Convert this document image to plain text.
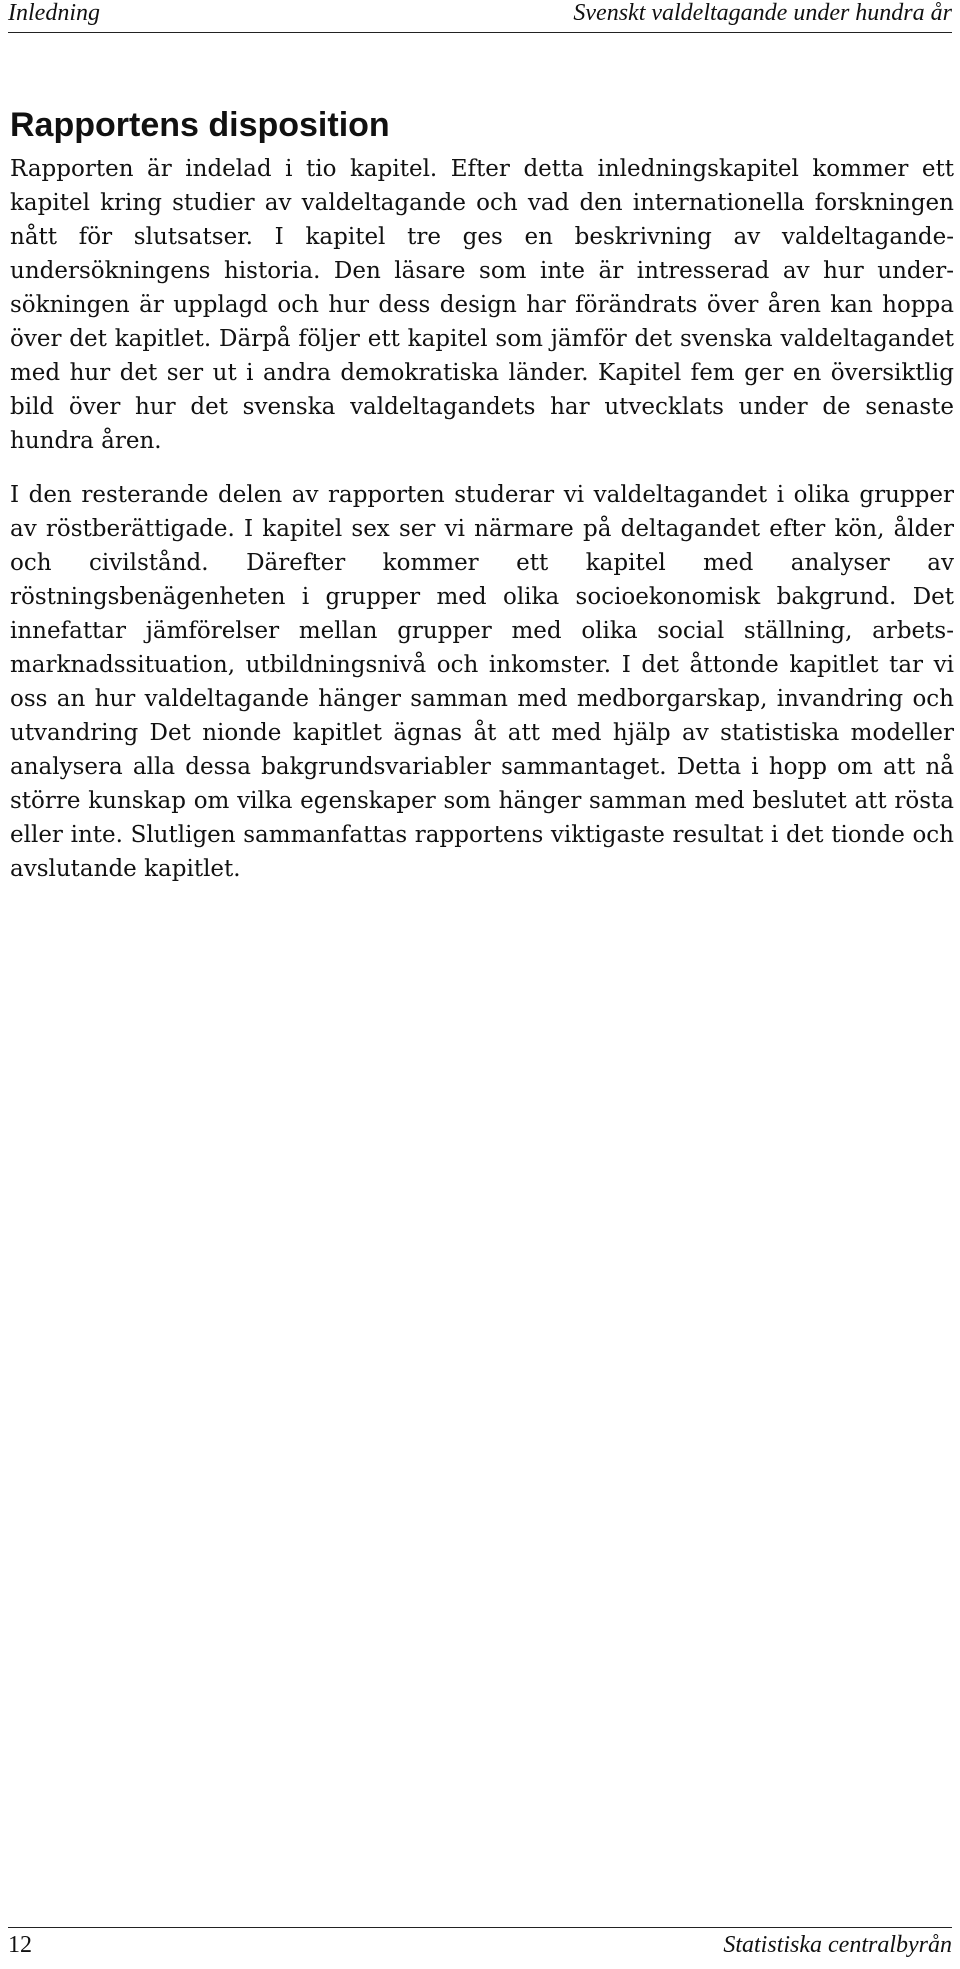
Inledning	Svenskt valdeltagande under hundra år
Rapportens disposition

Rapporten är indelad i tio kapitel. Efter detta inledningskapitel kommer ett kapitel kring studier av valdeltagande och vad den internationella forskningen nått för slutsatser. I kapitel tre ges en beskrivning av valdeltagandeundersökningens historia. Den läsare som inte är intresserad av hur undersökningen är upplagd och hur dess design har förändrats över åren kan hoppa över det kapitlet. Därpå följer ett kapitel som jämför det svenska valdeltagandet med hur det ser ut i andra demokratiska länder. Kapitel fem ger en översiktlig bild över hur det svenska valdeltagandets har utvecklats under de senaste hundra åren.

I den resterande delen av rapporten studerar vi valdeltagandet i olika grupper av röstberättigade. I kapitel sex ser vi närmare på deltagandet efter kön, ålder och civilstånd. Därefter kommer ett kapitel med analyser av röstningsbenägenheten i grupper med olika socioekonomisk bakgrund. Det innefattar jämförelser mellan grupper med olika social ställning, arbetsmarknadssituation, utbildningsnivå och inkomster. I det åttonde kapitlet tar vi oss an hur valdeltagande hänger samman med medborgarskap, invandring och utvandring Det nionde kapitlet ägnas åt att med hjälp av statistiska modeller analysera alla dessa bakgrundsvariabler sammantaget. Detta i hopp om att nå större kunskap om vilka egenskaper som hänger samman med beslutet att rösta eller inte. Slutligen sammanfattas rapportens viktigaste resultat i det tionde och avslutande kapitlet.

12	Statistiska centralbyrån
